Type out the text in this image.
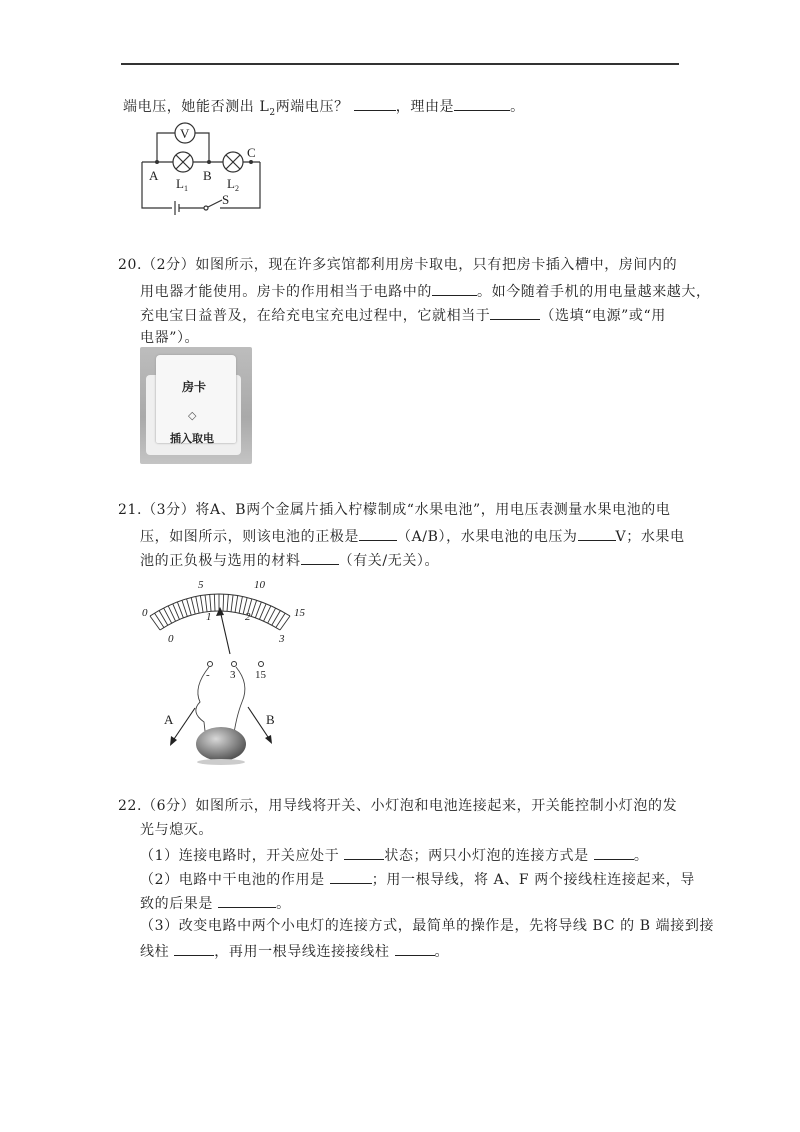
端电压，她能否测出 $L_2$两端电压？	，理由是	。
V
A	B
C
$L_1$	$L_2$
S
20.（2分）如图所示，现在许多宾馆都利用房卡取电，只有把房卡插入槽中，房间内的
用电器才能使用。房卡的作用相当于电路中的	。如今随着手机的用电量越来越大，
充电宝日益普及，在给充电宝充电过程中，它就相当于	（选填“电源”或“用
电器”）。
房卡
◇
插入取电
21.（3分）将A、B两个金属片插入柠檬制成“水果电池”，用电压表测量水果电池的电
压，如图所示，则该电池的正极是	（A/B），水果电池的电压为	V；水果电
池的正负极与选用的材料	（有关/无关）。
0
5	10
15
0
1	2
3
- 3 15
A	B
22.（6分）如图所示，用导线将开关、小灯泡和电池连接起来，开关能控制小灯泡的发
光与熄灭。
（1）连接电路时，开关应处于	状态；两只小灯泡的连接方式是	。
（2）电路中干电池的作用是	；用一根导线，将 A、F 两个接线柱连接起来，导
致的后果是	。
（3）改变电路中两个小电灯的连接方式，最简单的操作是，先将导线 BC 的 B 端接到接
线柱	，再用一根导线连接接线柱	。
